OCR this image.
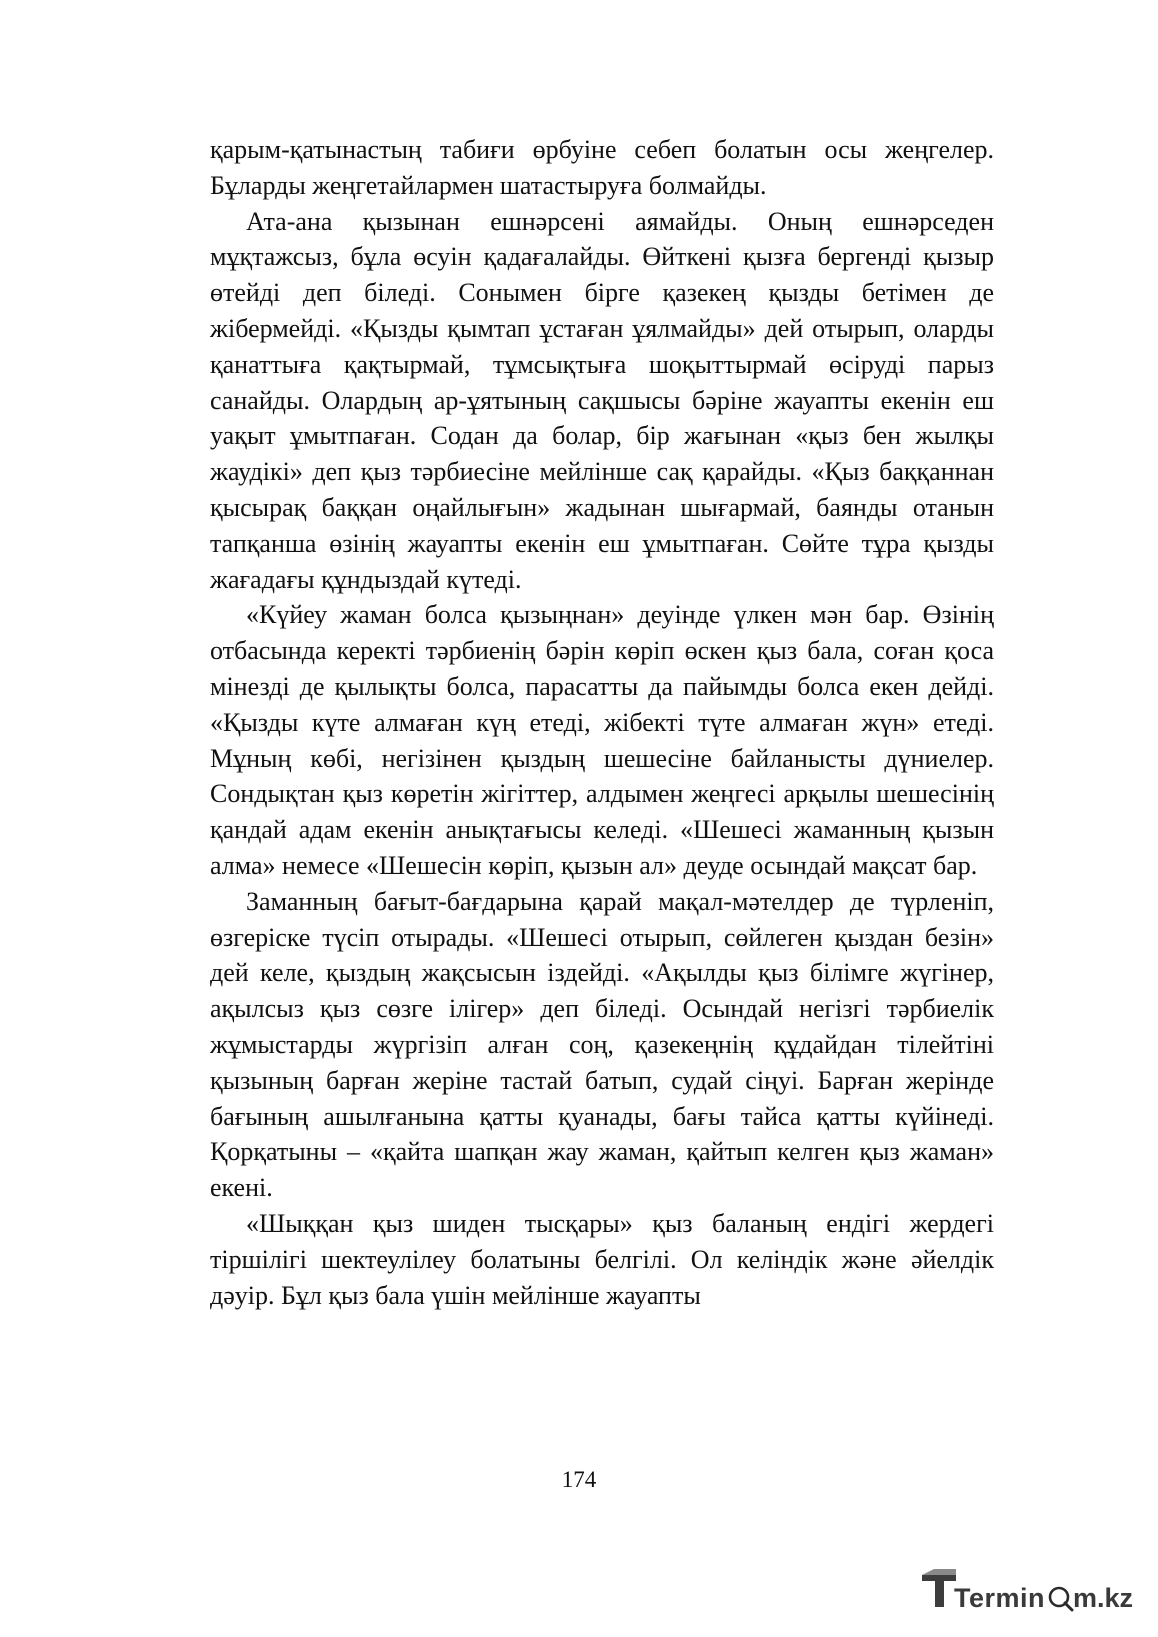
қарым-қатынастың табиғи өрбуіне себеп болатын осы жеңгелер. Бұларды жеңгетайлармен шатастыруға болмайды.

Ата-ана қызынан ешнәрсені аямайды. Оның ешнәрседен мұқтажсыз, бұла өсуін қадағалайды. Өйткені қызға бергенді қызыр өтейді деп біледі. Сонымен бірге қазекең қызды бетімен де жібермейді. «Қызды қымтап ұстаған ұялмайды» дей отырып, оларды қанаттыға қақтырмай, тұмсықтыға шоқыттырмай өсіруді парыз санайды. Олардың ар-ұятының сақшысы бәріне жауапты екенін еш уақыт ұмытпаған. Содан да болар, бір жағынан «қыз бен жылқы жаудікі» деп қыз тәрбиесіне мейлінше сақ қарайды. «Қыз баққаннан қысырақ баққан оңайлығын» жадынан шығармай, баянды отанын тапқанша өзінің жауапты екенін еш ұмытпаған. Сөйте тұра қызды жағадағы құндыздай күтеді.

«Күйеу жаман болса қызыңнан» деуінде үлкен мән бар. Өзінің отбасында керекті тәрбиенің бәрін көріп өскен қыз бала, соған қоса мінезді де қылықты болса, парасатты да пайымды болса екен дейді. «Қызды күте алмаған күң етеді, жібекті түте алмаған жүн» етеді. Мұның көбі, негізінен қыздың шешесіне байланысты дүниелер. Сондықтан қыз көретін жігіттер, алдымен жеңгесі арқылы шешесінің қандай адам екенін анықтағысы келеді. «Шешесі жаманның қызын алма» немесе «Шешесін көріп, қызын ал» деуде осындай мақсат бар.

Заманның бағыт-бағдарына қарай мақал-мәтелдер де түрленіп, өзгеріске түсіп отырады. «Шешесі отырып, сөйлеген қыздан безін» дей келе, қыздың жақсысын іздейді. «Ақылды қыз білімге жүгінер, ақылсыз қыз сөзге ілігер» деп біледі. Осындай негізгі тәрбиелік жұмыстарды жүргізіп алған соң, қазекеңнің құдайдан тілейтіні қызының барған жеріне тастай батып, судай сіңуі. Барған жерінде бағының ашылғанына қатты қуанады, бағы тайса қатты күйінеді. Қорқатыны – «қайта шапқан жау жаман, қайтып келген қыз жаман» екені.

«Шыққан қыз шиден тысқары» қыз баланың ендігі жердегі тіршілігі шектеулілеу болатыны белгілі. Ол келіндік және әйелдік дәуір. Бұл қыз бала үшін мейлінше жауапты

174
Termin m.kz
